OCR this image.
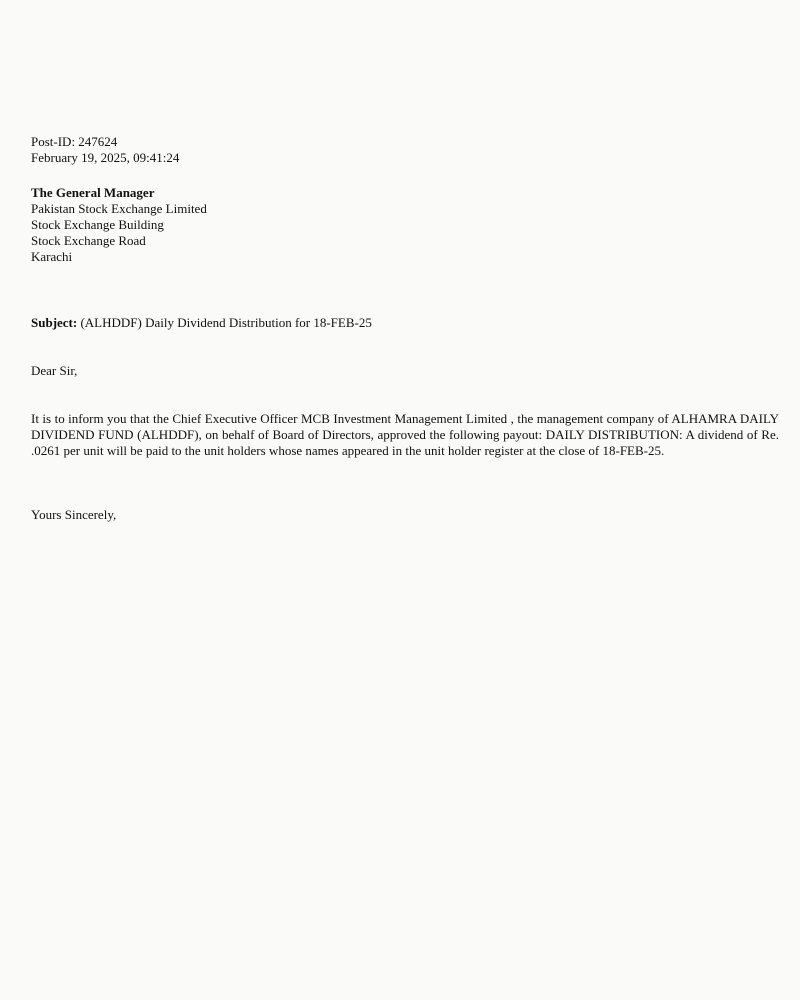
Post-ID: 247624
February 19, 2025, 09:41:24
The General Manager
Pakistan Stock Exchange Limited
Stock Exchange Building
Stock Exchange Road
Karachi
Subject: (ALHDDF) Daily Dividend Distribution for 18-FEB-25
Dear Sir,
It is to inform you that the Chief Executive Officer MCB Investment Management Limited , the management company of ALHAMRA DAILY DIVIDEND FUND (ALHDDF), on behalf of Board of Directors, approved the following payout: DAILY DISTRIBUTION: A dividend of Re. .0261 per unit will be paid to the unit holders whose names appeared in the unit holder register at the close of 18-FEB-25.
Yours Sincerely,
